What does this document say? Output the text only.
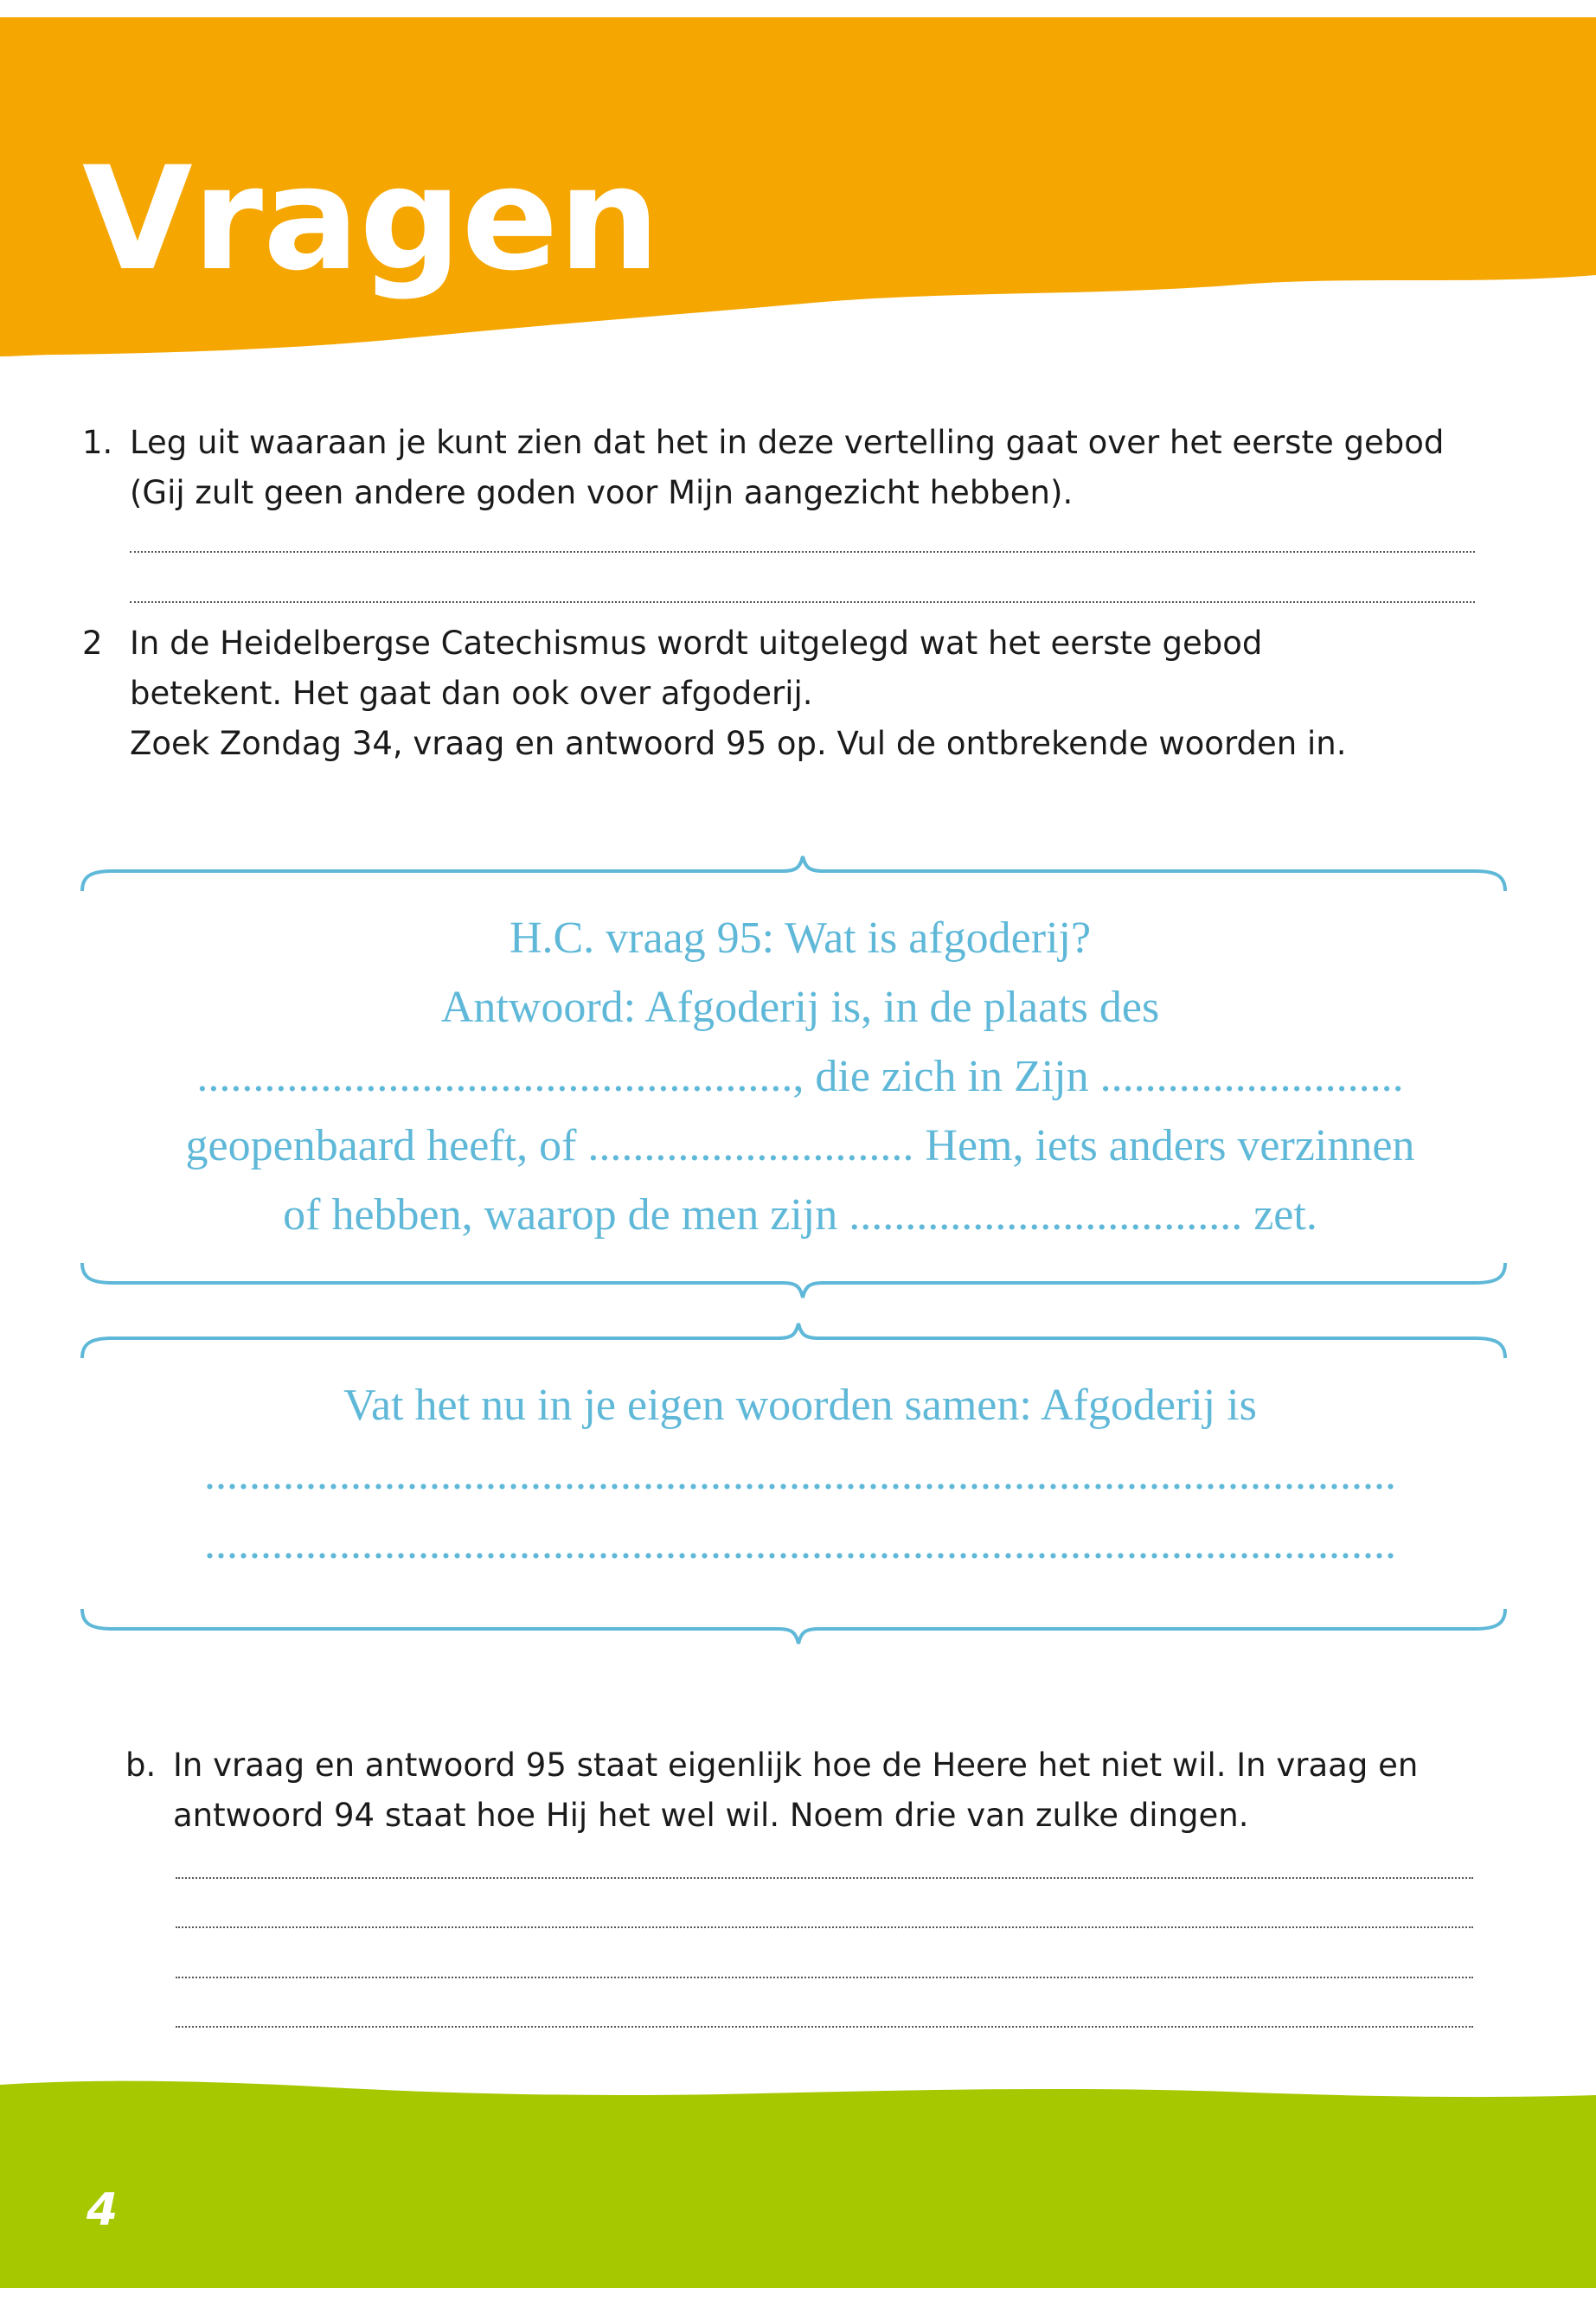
Vragen
1. Leg uit waaraan je kunt zien dat het in deze vertelling gaat over het eerste gebod
(Gij zult geen andere goden voor Mijn aangezicht hebben).
2 In de Heidelbergse Catechismus wordt uitgelegd wat het eerste gebod
betekent. Het gaat dan ook over afgoderij.
Zoek Zondag 34, vraag en antwoord 95 op. Vul de ontbrekende woorden in.
H.C. vraag 95: Wat is afgoderij?
Antwoord: Afgoderij is, in de plaats des
....................................................., die zich in Zijn ...........................
geopenbaard heeft, of ............................. Hem, iets anders verzinnen
of hebben, waarop de men zijn ................................... zet.
Vat het nu in je eigen woorden samen: Afgoderij is
..........................................................................................................
..........................................................................................................
b. In vraag en antwoord 95 staat eigenlijk hoe de Heere het niet wil. In vraag en
antwoord 94 staat hoe Hij het wel wil. Noem drie van zulke dingen.
4
